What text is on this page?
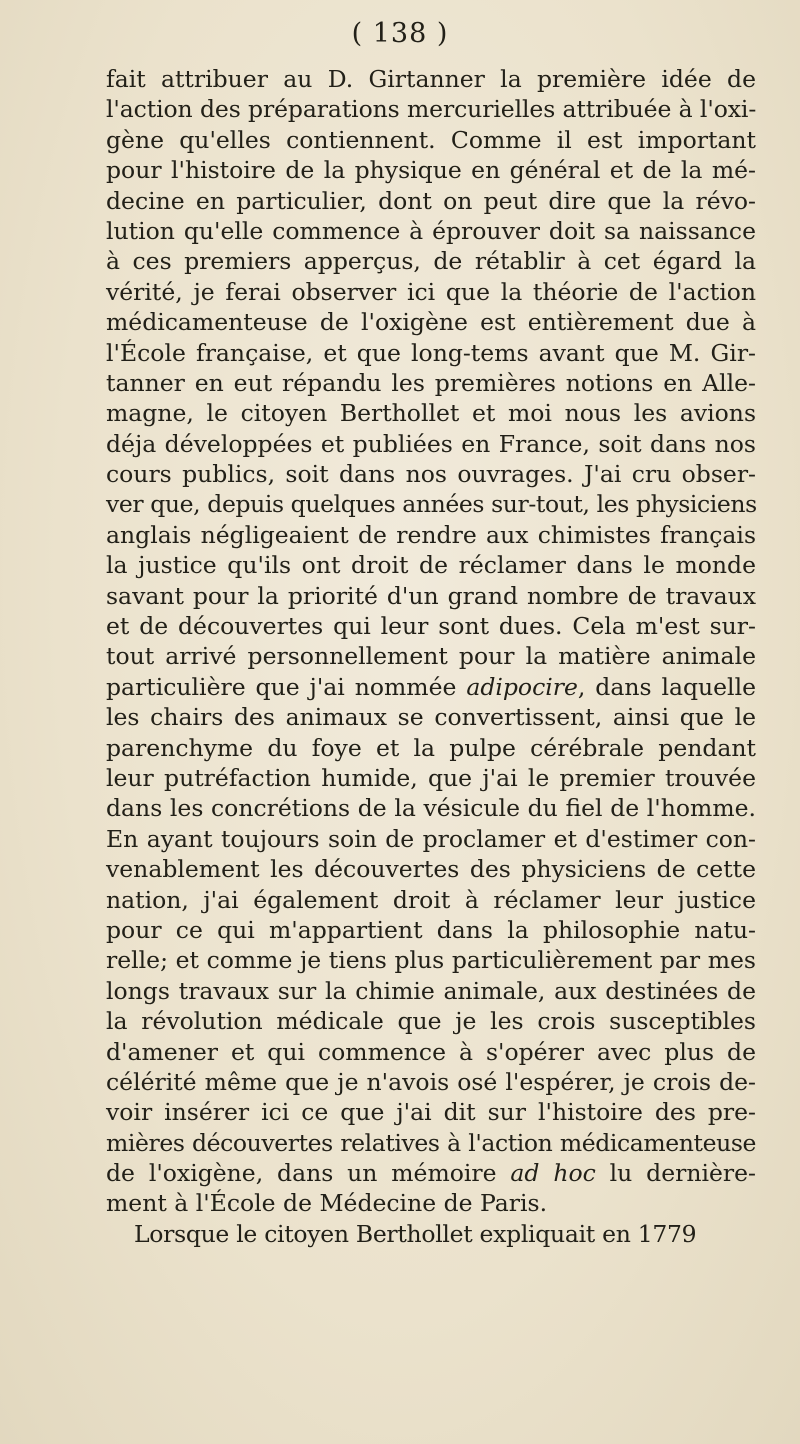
( 138 )
fait attribuer au D. Girtanner la première idée de
l'action des préparations mercurielles attribuée à l'oxi-
gène qu'elles contiennent. Comme il est important
pour l'histoire de la physique en général et de la mé-
decine en particulier, dont on peut dire que la révo-
lution qu'elle commence à éprouver doit sa naissance
à ces premiers apperçus, de rétablir à cet égard la
vérité, je ferai observer ici que la théorie de l'action
médicamenteuse de l'oxigène est entièrement due à
l'École française, et que long-tems avant que M. Gir-
tanner en eut répandu les premières notions en Alle-
magne, le citoyen Berthollet et moi nous les avions
déja développées et publiées en France, soit dans nos
cours publics, soit dans nos ouvrages. J'ai cru obser-
ver que, depuis quelques années sur-tout, les physiciens
anglais négligeaient de rendre aux chimistes français
la justice qu'ils ont droit de réclamer dans le monde
savant pour la priorité d'un grand nombre de travaux
et de découvertes qui leur sont dues. Cela m'est sur-
tout arrivé personnellement pour la matière animale
particulière que j'ai nommée adipocire, dans laquelle
les chairs des animaux se convertissent, ainsi que le
parenchyme du foye et la pulpe cérébrale pendant
leur putréfaction humide, que j'ai le premier trouvée
dans les concrétions de la vésicule du fiel de l'homme.
En ayant toujours soin de proclamer et d'estimer con-
venablement les découvertes des physiciens de cette
nation, j'ai également droit à réclamer leur justice
pour ce qui m'appartient dans la philosophie natu-
relle; et comme je tiens plus particulièrement par mes
longs travaux sur la chimie animale, aux destinées de
la révolution médicale que je les crois susceptibles
d'amener et qui commence à s'opérer avec plus de
célérité même que je n'avois osé l'espérer, je crois de-
voir insérer ici ce que j'ai dit sur l'histoire des pre-
mières découvertes relatives à l'action médicamenteuse
de l'oxigène, dans un mémoire ad hoc lu dernière-
ment à l'École de Médecine de Paris.
Lorsque le citoyen Berthollet expliquait en 1779
